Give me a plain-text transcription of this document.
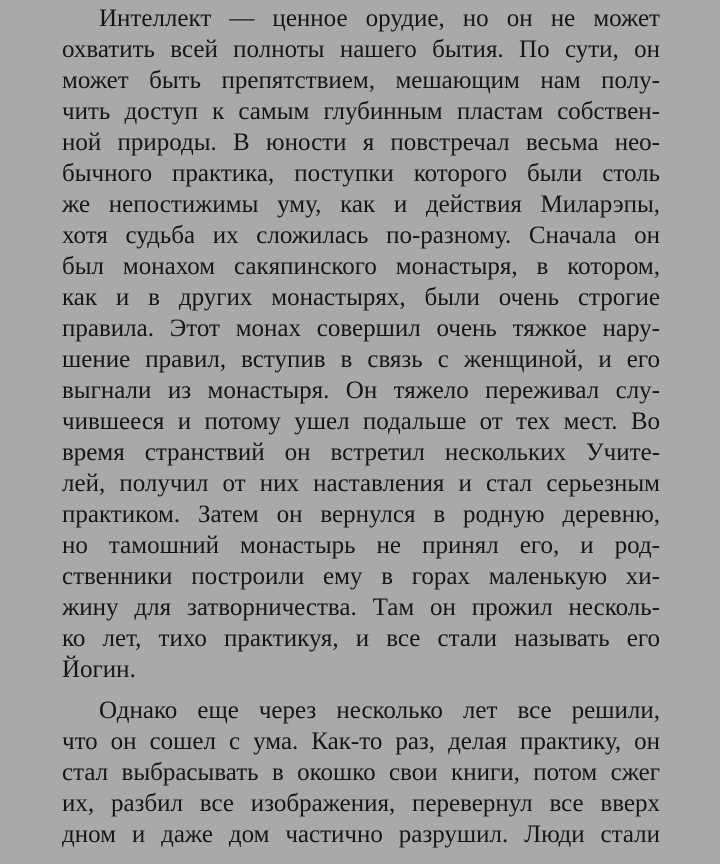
Интеллект — ценное орудие, но он не может
охватить всей полноты нашего бытия. По сути, он
может быть препятствием, мешающим нам полу-
чить доступ к самым глубинным пластам собствен-
ной природы. В юности я повстречал весьма нео-
бычного практика, поступки которого были столь
же непостижимы уму, как и действия Миларэпы,
хотя судьба их сложилась по-разному. Сначала он
был монахом сакяпинского монастыря, в котором,
как и в других монастырях, были очень строгие
правила. Этот монах совершил очень тяжкое нару-
шение правил, вступив в связь с женщиной, и его
выгнали из монастыря. Он тяжело переживал слу-
чившееся и потому ушел подальше от тех мест. Во
время странствий он встретил нескольких Учите-
лей, получил от них наставления и стал серьезным
практиком. Затем он вернулся в родную деревню,
но тамошний монастырь не принял его, и род-
ственники построили ему в горах маленькую хи-
жину для затворничества. Там он прожил несколь-
ко лет, тихо практикуя, и все стали называть его
Йогин.
Однако еще через несколько лет все решили,
что он сошел с ума. Как-то раз, делая практику, он
стал выбрасывать в окошко свои книги, потом сжег
их, разбил все изображения, перевернул все вверх
дном и даже дом частично разрушил. Люди стали
